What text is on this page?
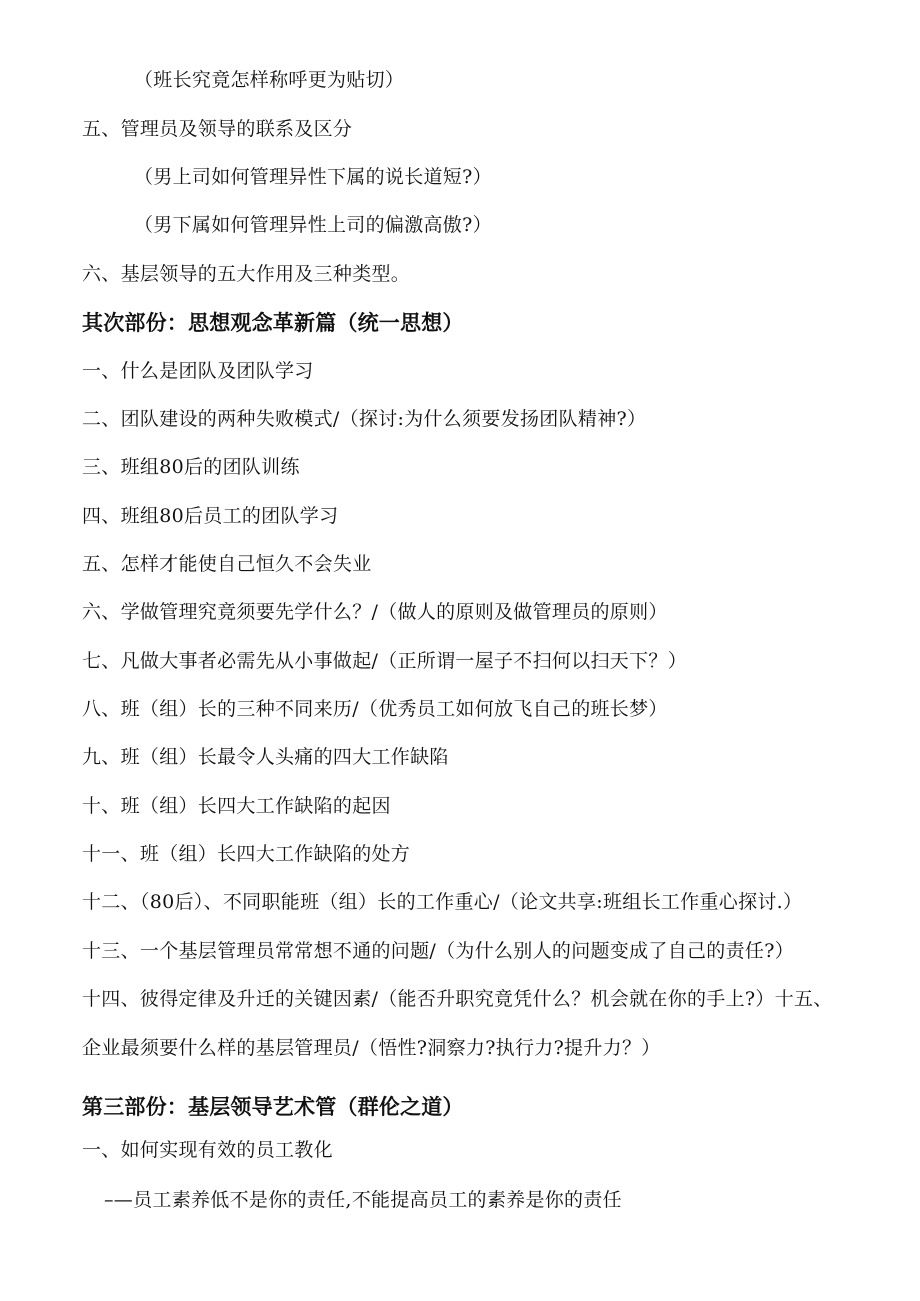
（班长究竟怎样称呼更为贴切）
五、管理员及领导的联系及区分
（男上司如何管理异性下属的说长道短?）
（男下属如何管理异性上司的偏激高傲?）
六、基层领导的五大作用及三种类型。
其次部份：思想观念革新篇（统一思想）
一、什么是团队及团队学习
二、团队建设的两种失败模式/（探讨:为什么须要发扬团队精神?）
三、班组80后的团队训练
四、班组80后员工的团队学习
五、怎样才能使自己恒久不会失业
六、学做管理究竟须要先学什么？/（做人的原则及做管理员的原则）
七、凡做大事者必需先从小事做起/（正所谓一屋子不扫何以扫天下？）
八、班（组）长的三种不同来历/（优秀员工如何放飞自己的班长梦）
九、班（组）长最令人头痛的四大工作缺陷
十、班（组）长四大工作缺陷的起因
十一、班（组）长四大工作缺陷的处方
十二、（80后）、不同职能班（组）长的工作重心/（论文共享:班组长工作重心探讨.）
十三、一个基层管理员常常想不通的问题/（为什么别人的问题变成了自己的责任?）
十四、彼得定律及升迁的关键因素/（能否升职究竟凭什么？机会就在你的手上?）十五、
企业最须要什么样的基层管理员/（悟性?洞察力?执行力?提升力？）
第三部份：基层领导艺术管（群伦之道）
一、如何实现有效的员工教化
–—员工素养低不是你的责任,不能提高员工的素养是你的责任
